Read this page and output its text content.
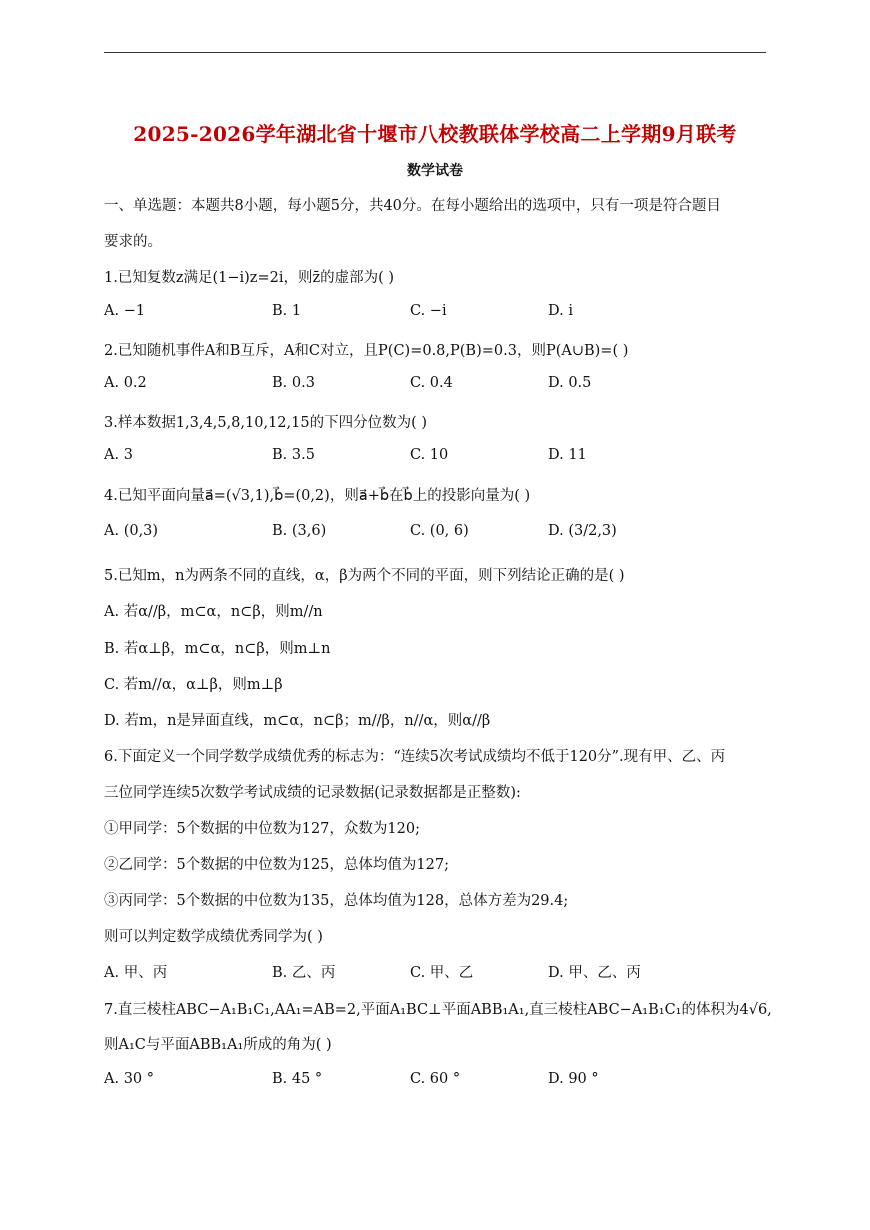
2025-2026学年湖北省十堰市八校教联体学校高二上学期9月联考
数学试卷
一、单选题：本题共8小题，每小题5分，共40分。在每小题给出的选项中，只有一项是符合题目
要求的。
1.已知复数z满足(1−i)z=2i，则z̄的虚部为( )
A. −1	B. 1	C. −i	D. i
2.已知随机事件A和B互斥，A和C对立，且P(C)=0.8,P(B)=0.3，则P(A∪B)=( )
A. 0.2	B. 0.3	C. 0.4	D. 0.5
3.样本数据1,3,4,5,8,10,12,15的下四分位数为( )
A. 3	B. 3.5	C. 10	D. 11
4.已知平面向量a⃗=(√3,1),b⃗=(0,2)，则a⃗+b⃗在b⃗上的投影向量为( )
A. (0,3)	B. (3,6)	C. (0, 6)	D. (3/2,3)
5.已知m，n为两条不同的直线，α，β为两个不同的平面，则下列结论正确的是( )
A. 若α//β，m⊂α，n⊂β，则m//n
B. 若α⊥β，m⊂α，n⊂β，则m⊥n
C. 若m//α，α⊥β，则m⊥β
D. 若m，n是异面直线，m⊂α，n⊂β；m//β，n//α，则α//β
6.下面定义一个同学数学成绩优秀的标志为：“连续5次考试成绩均不低于120分”.现有甲、乙、丙
三位同学连续5次数学考试成绩的记录数据(记录数据都是正整数):
①甲同学：5个数据的中位数为127，众数为120;
②乙同学：5个数据的中位数为125，总体均值为127;
③丙同学：5个数据的中位数为135，总体均值为128，总体方差为29.4;
则可以判定数学成绩优秀同学为( )
A. 甲、丙	B. 乙、丙	C. 甲、乙	D. 甲、乙、丙
7.直三棱柱ABC−A₁B₁C₁,AA₁=AB=2,平面A₁BC⊥平面ABB₁A₁,直三棱柱ABC−A₁B₁C₁的体积为4√6,
则A₁C与平面ABB₁A₁所成的角为( )
A. 30 °	B. 45 °	C. 60 °	D. 90 °
